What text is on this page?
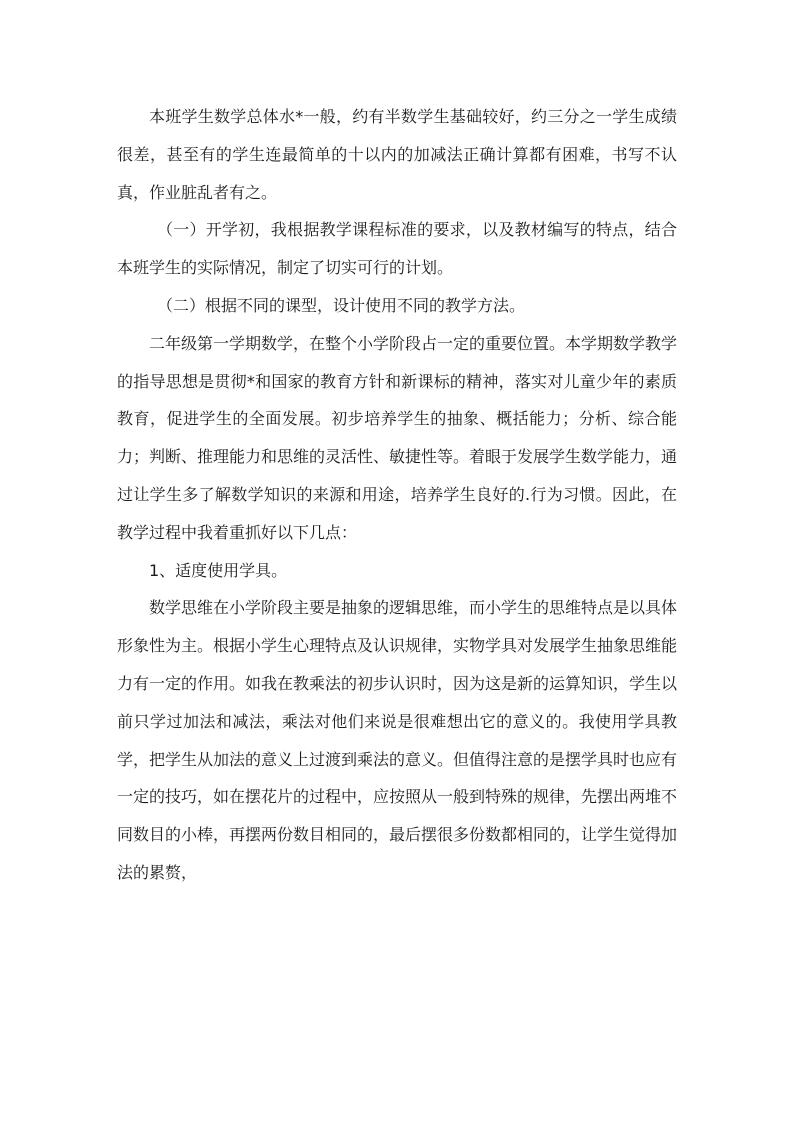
本班学生数学总体水*一般，约有半数学生基础较好，约三分之一学生成绩很差，甚至有的学生连最简单的十以内的加减法正确计算都有困难，书写不认真，作业脏乱者有之。

（一）开学初，我根据教学课程标准的要求，以及教材编写的特点，结合本班学生的实际情况，制定了切实可行的计划。

（二）根据不同的课型，设计使用不同的教学方法。

二年级第一学期数学，在整个小学阶段占一定的重要位置。本学期数学教学的指导思想是贯彻*和国家的教育方针和新课标的精神，落实对儿童少年的素质教育，促进学生的全面发展。初步培养学生的抽象、概括能力；分析、综合能力；判断、推理能力和思维的灵活性、敏捷性等。着眼于发展学生数学能力，通过让学生多了解数学知识的来源和用途，培养学生良好的.行为习惯。因此，在教学过程中我着重抓好以下几点：

1、适度使用学具。

数学思维在小学阶段主要是抽象的逻辑思维，而小学生的思维特点是以具体形象性为主。根据小学生心理特点及认识规律，实物学具对发展学生抽象思维能力有一定的作用。如我在教乘法的初步认识时，因为这是新的运算知识，学生以前只学过加法和减法，乘法对他们来说是很难想出它的意义的。我使用学具教学，把学生从加法的意义上过渡到乘法的意义。但值得注意的是摆学具时也应有一定的技巧，如在摆花片的过程中，应按照从一般到特殊的规律，先摆出两堆不同数目的小棒，再摆两份数目相同的，最后摆很多份数都相同的，让学生觉得加法的累赘，
